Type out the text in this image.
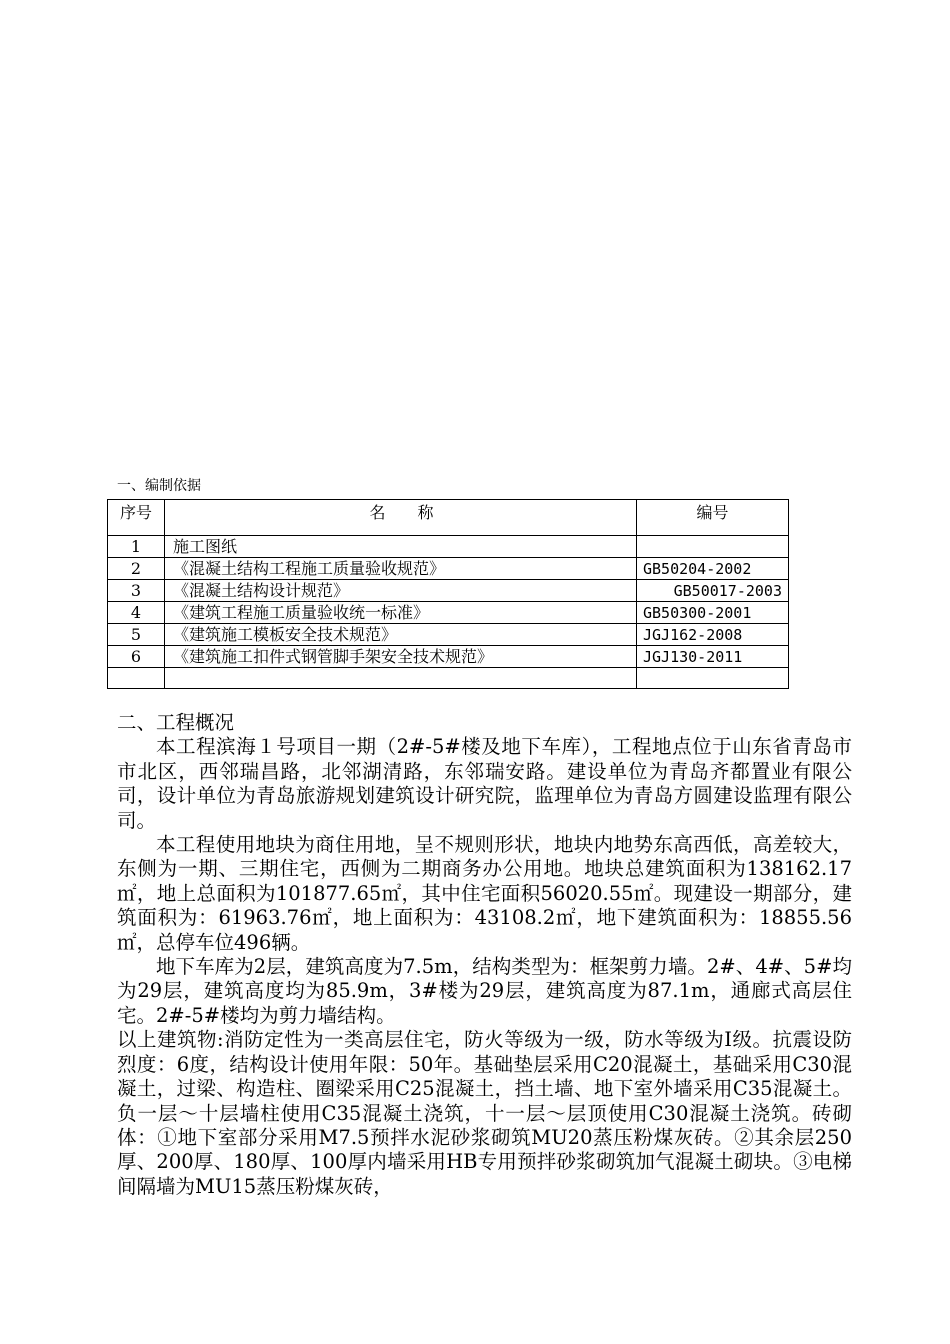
一、编制依据
序号	名　　称	编号
1	施工图纸	
2	《混凝土结构工程施工质量验收规范》	GB50204-2002
3	《混凝土结构设计规范》	GB50017-2003
4	《建筑工程施工质量验收统一标准》	GB50300-2001
5	《建筑施工模板安全技术规范》	JGJ162-2008
6	《建筑施工扣件式钢管脚手架安全技术规范》	JGJ130-2011

二、工程概况

本工程滨海１号项目一期（2#-5#楼及地下车库），工程地点位于山东省青岛市市北区，西邻瑞昌路，北邻湖清路，东邻瑞安路。建设单位为青岛齐都置业有限公司，设计单位为青岛旅游规划建筑设计研究院，监理单位为青岛方圆建设监理有限公司。

本工程使用地块为商住用地，呈不规则形状，地块内地势东高西低，高差较大，东侧为一期、三期住宅，西侧为二期商务办公用地。地块总建筑面积为138162.17㎡，地上总面积为101877.65㎡，其中住宅面积56020.55㎡。现建设一期部分，建筑面积为：61963.76㎡，地上面积为：43108.2㎡，地下建筑面积为：18855.56㎡，总停车位496辆。

地下车库为2层，建筑高度为7.5m，结构类型为：框架剪力墙。2#、4#、5#均为29层，建筑高度均为85.9m，3#楼为29层，建筑高度为87.1m，通廊式高层住宅。2#-5#楼均为剪力墙结构。

以上建筑物:消防定性为一类高层住宅，防火等级为一级，防水等级为Ⅰ级。抗震设防烈度：6度，结构设计使用年限：50年。基础垫层采用C20混凝土，基础采用C30混凝土，过梁、构造柱、圈梁采用C25混凝土，挡土墙、地下室外墙采用C35混凝土。负一层～十层墙柱使用C35混凝土浇筑，十一层～层顶使用C30混凝土浇筑。砖砌体：①地下室部分采用M7.5预拌水泥砂浆砌筑MU20蒸压粉煤灰砖。②其余层250厚、200厚、180厚、100厚内墙采用HB专用预拌砂浆砌筑加气混凝土砌块。③电梯间隔墙为MU15蒸压粉煤灰砖，
